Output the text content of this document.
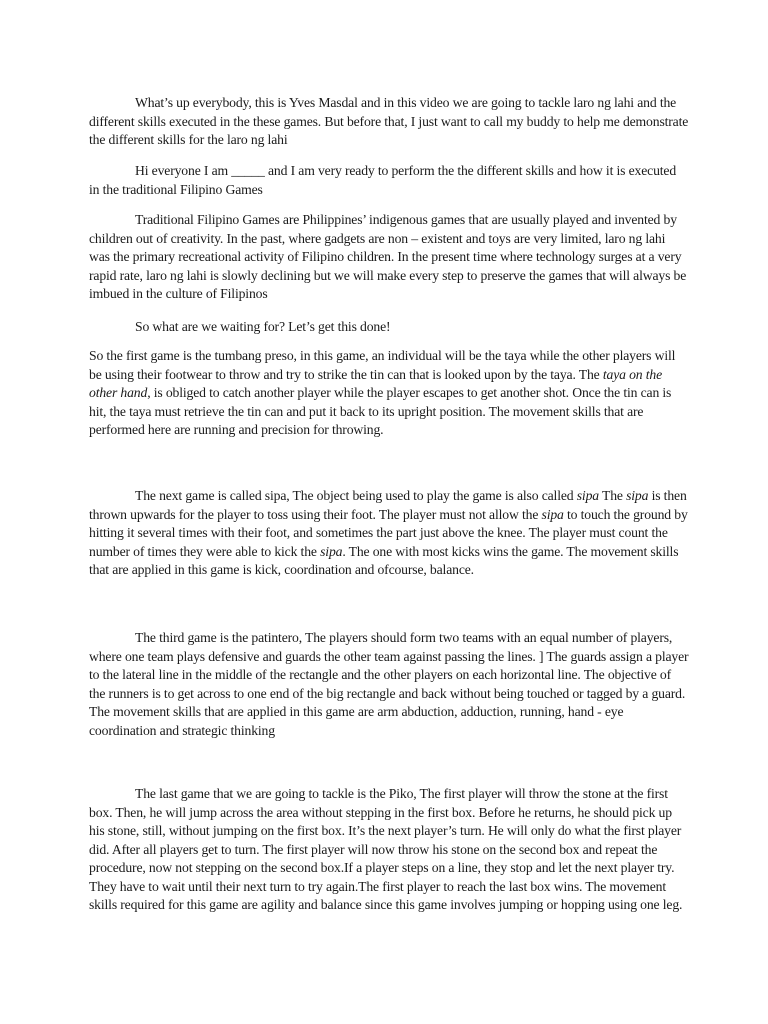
What’s up everybody, this is Yves Masdal and in this video we are going to tackle laro ng lahi and the different skills executed in the these games. But before that, I just want to call my buddy to help me demonstrate the different skills for the laro ng lahi

Hi everyone I am _____ and I am very ready to perform the the different skills and how it is executed in the traditional Filipino Games

Traditional Filipino Games are Philippines’ indigenous games that are usually played and invented by children out of creativity. In the past, where gadgets are non – existent and toys are very limited, laro ng lahi was the primary recreational activity of Filipino children. In the present time where technology surges at a very rapid rate, laro ng lahi is slowly declining but we will make every step to preserve the games that will always be imbued in the culture of Filipinos

So what are we waiting for? Let’s get this done!

So the first game is the tumbang preso, in this game, an individual will be the taya while the other players will be using their footwear to throw and try to strike the tin can that is looked upon by the taya. The taya on the other hand, is obliged to catch another player while the player escapes to get another shot. Once the tin can is hit, the taya must retrieve the tin can and put it back to its upright position. The movement skills that are performed here are running and precision for throwing.

The next game is called sipa, The object being used to play the game is also called sipa The sipa is then thrown upwards for the player to toss using their foot. The player must not allow the sipa to touch the ground by hitting it several times with their foot, and sometimes the part just above the knee. The player must count the number of times they were able to kick the sipa. The one with most kicks wins the game. The movement skills that are applied in this game is kick, coordination and ofcourse, balance.

The third game is the patintero, The players should form two teams with an equal number of players, where one team plays defensive and guards the other team against passing the lines. ] The guards assign a player to the lateral line in the middle of the rectangle and the other players on each horizontal line. The objective of the runners is to get across to one end of the big rectangle and back without being touched or tagged by a guard. The movement skills that are applied in this game are arm abduction, adduction, running, hand - eye coordination and strategic thinking

The last game that we are going to tackle is the Piko, The first player will throw the stone at the first box. Then, he will jump across the area without stepping in the first box. Before he returns, he should pick up his stone, still, without jumping on the first box. It’s the next player’s turn. He will only do what the first player did. After all players get to turn. The first player will now throw his stone on the second box and repeat the procedure, now not stepping on the second box.If a player steps on a line, they stop and let the next player try. They have to wait until their next turn to try again.The first player to reach the last box wins. The movement skills required for this game are agility and balance since this game involves jumping or hopping using one leg.
